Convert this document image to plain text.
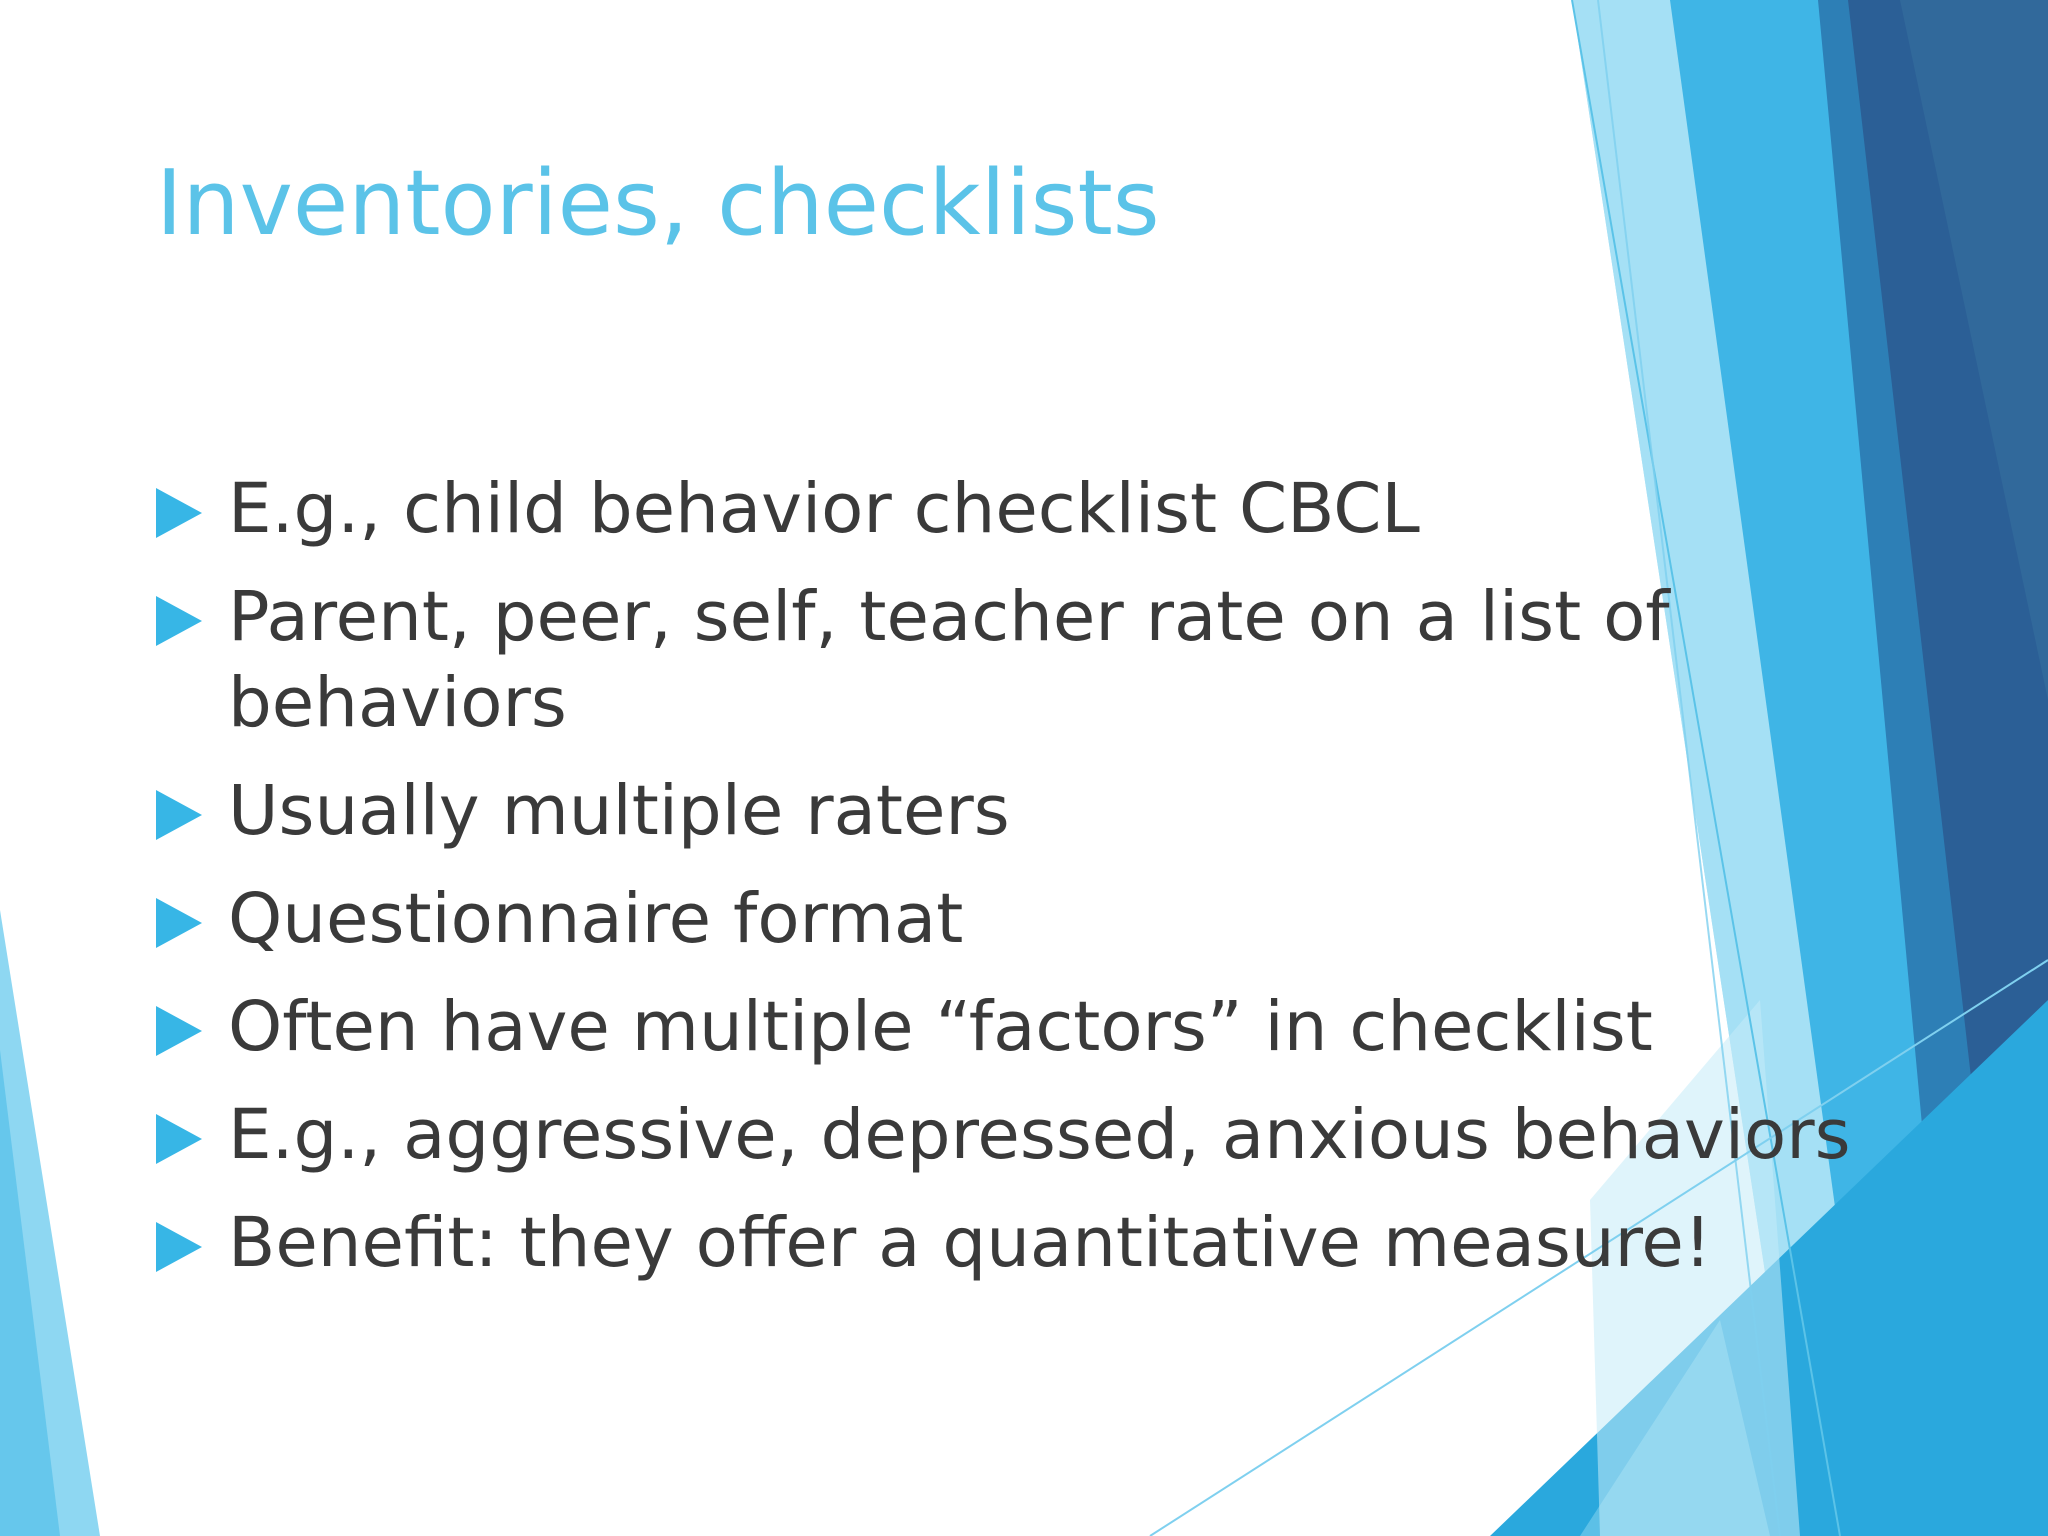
Inventories, checklists
E.g., child behavior checklist CBCL
Parent, peer, self, teacher rate on a list of behaviors
Usually multiple raters
Questionnaire format
Often have multiple “factors” in checklist
E.g., aggressive, depressed, anxious behaviors
Benefit: they offer a quantitative measure!
